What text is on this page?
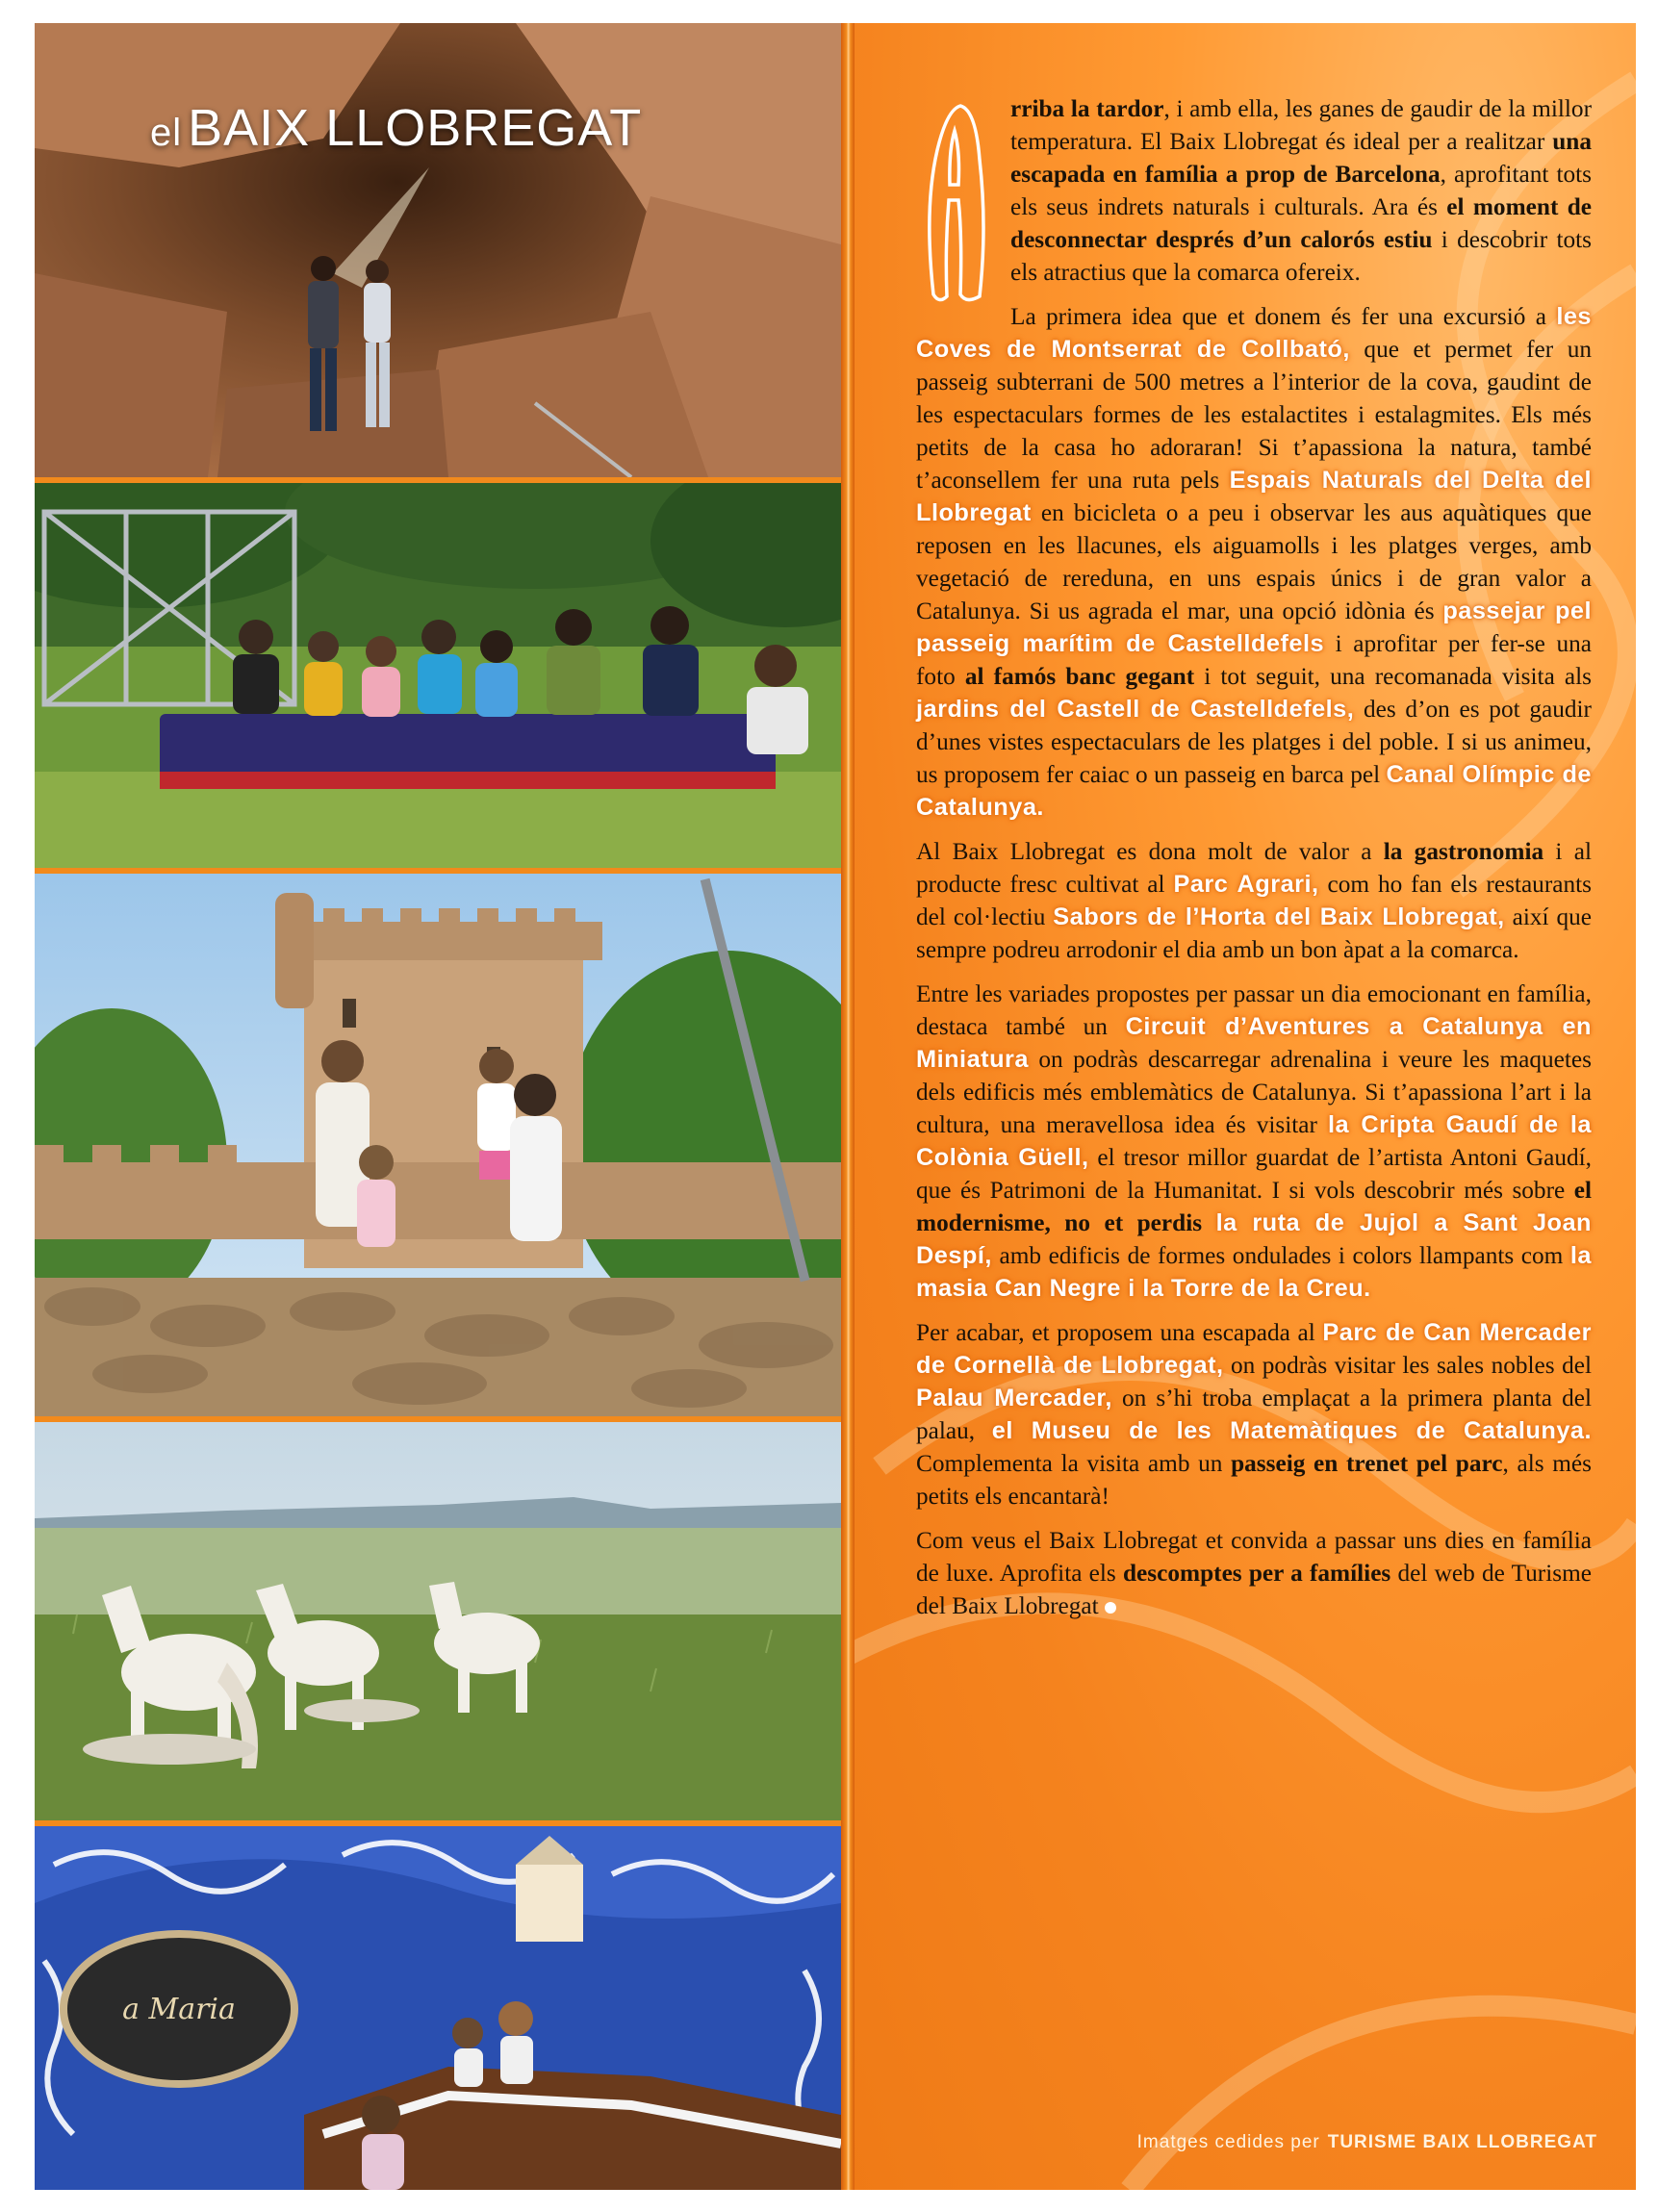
el BAIX LLOBREGAT
a Maria
A

rriba la tardor, i amb ella, les ganes de gaudir de la millor temperatura. El Baix Llobregat és ideal per a realitzar una escapada en família a prop de Barcelona, aprofitant tots els seus indrets naturals i culturals. Ara és el moment de desconnectar després d’un calorós estiu i descobrir tots els atractius que la comarca ofereix.

La primera idea que et donem és fer una excursió a les Coves de Montserrat de Collbató, que et permet fer un passeig subterrani de 500 metres a l’interior de la cova, gaudint de les espectaculars formes de les estalactites i estalagmites. Els més petits de la casa ho adoraran! Si t’apassiona la natura, també t’aconsellem fer una ruta pels Espais Naturals del Delta del Llobregat en bicicleta o a peu i observar les aus aquàtiques que reposen en les llacunes, els aiguamolls i les platges verges, amb vegetació de rereduna, en uns espais únics i de gran valor a Catalunya. Si us agrada el mar, una opció idònia és passejar pel passeig marítim de Castelldefels i aprofitar per fer-se una foto al famós banc gegant i tot seguit, una recomanada visita als jardins del Castell de Castelldefels, des d’on es pot gaudir d’unes vistes espectaculars de les platges i del poble. I si us animeu, us proposem fer caiac o un passeig en barca pel Canal Olímpic de Catalunya.

Al Baix Llobregat es dona molt de valor a la gastronomia i al producte fresc cultivat al Parc Agrari, com ho fan els restaurants del col·lectiu Sabors de l’Horta del Baix Llobregat, així que sempre podreu arrodonir el dia amb un bon àpat a la comarca.

Entre les variades propostes per passar un dia emocionant en família, destaca també un Circuit d’Aventures a Catalunya en Miniatura on podràs descarregar adrenalina i veure les maquetes dels edificis més emblemàtics de Catalunya. Si t’apassiona l’art i la cultura, una meravellosa idea és visitar la Cripta Gaudí de la Colònia Güell, el tresor millor guardat de l’artista Antoni Gaudí, que és Patrimoni de la Humanitat. I si vols descobrir més sobre el modernisme, no et perdis la ruta de Jujol a Sant Joan Despí, amb edificis de formes ondulades i colors llampants com la masia Can Negre i la Torre de la Creu.

Per acabar, et proposem una escapada al Parc de Can Mercader de Cornellà de Llobregat, on podràs visitar les sales nobles del Palau Mercader, on s’hi troba emplaçat a la primera planta del palau, el Museu de les Matemàtiques de Catalunya. Complementa la visita amb un passeig en trenet pel parc, als més petits els encantarà!

Com veus el Baix Llobregat et convida a passar uns dies en família de luxe. Aprofita els descomptes per a famílies del web de Turisme del Baix Llobregat

Imatges cedides per TURISME BAIX LLOBREGAT
